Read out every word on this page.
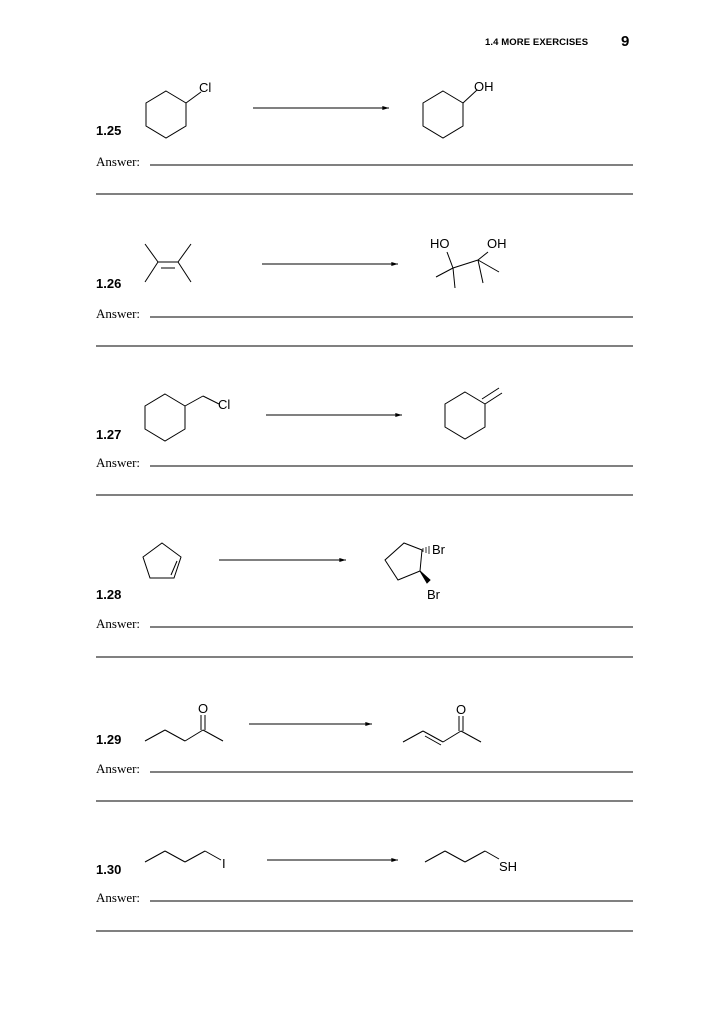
1.4 MORE EXERCISES 9
Cl	OH
1.25
Answer:
HO	OH
1.26
Answer:
Cl
1.27
Answer:
Br
Br
1.28
Answer:
O	O
1.29
Answer:
I	SH
1.30
Answer:
